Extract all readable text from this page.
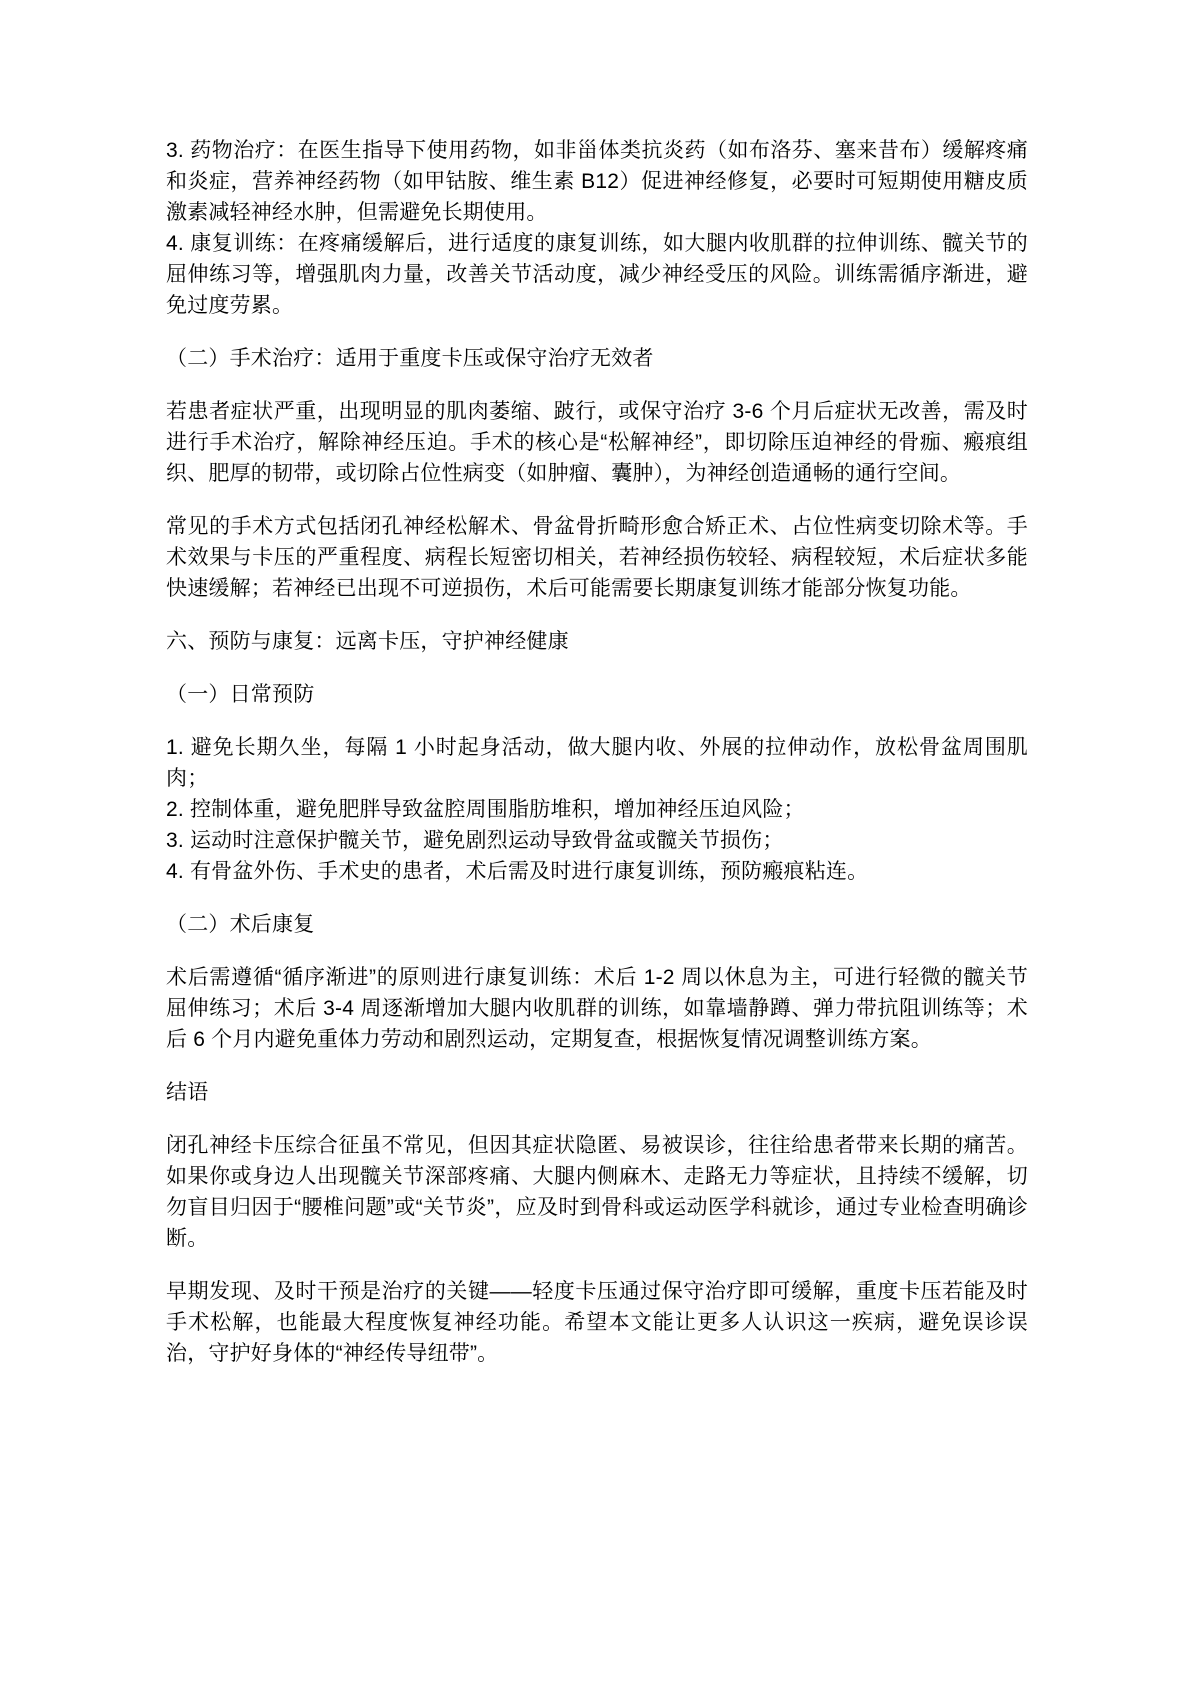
3. 药物治疗：在医生指导下使用药物，如非甾体类抗炎药（如布洛芬、塞来昔布）缓解疼痛和炎症，营养神经药物（如甲钴胺、维生素 B12）促进神经修复，必要时可短期使用糖皮质激素减轻神经水肿，但需避免长期使用。

4. 康复训练：在疼痛缓解后，进行适度的康复训练，如大腿内收肌群的拉伸训练、髋关节的屈伸练习等，增强肌肉力量，改善关节活动度，减少神经受压的风险。训练需循序渐进，避免过度劳累。

（二）手术治疗：适用于重度卡压或保守治疗无效者

若患者症状严重，出现明显的肌肉萎缩、跛行，或保守治疗 3-6 个月后症状无改善，需及时进行手术治疗，解除神经压迫。手术的核心是“松解神经”，即切除压迫神经的骨痂、瘢痕组织、肥厚的韧带，或切除占位性病变（如肿瘤、囊肿），为神经创造通畅的通行空间。

常见的手术方式包括闭孔神经松解术、骨盆骨折畸形愈合矫正术、占位性病变切除术等。手术效果与卡压的严重程度、病程长短密切相关，若神经损伤较轻、病程较短，术后症状多能快速缓解；若神经已出现不可逆损伤，术后可能需要长期康复训练才能部分恢复功能。

六、预防与康复：远离卡压，守护神经健康

（一）日常预防

1. 避免长期久坐，每隔 1 小时起身活动，做大腿内收、外展的拉伸动作，放松骨盆周围肌肉；

2. 控制体重，避免肥胖导致盆腔周围脂肪堆积，增加神经压迫风险；

3. 运动时注意保护髋关节，避免剧烈运动导致骨盆或髋关节损伤；

4. 有骨盆外伤、手术史的患者，术后需及时进行康复训练，预防瘢痕粘连。

（二）术后康复

术后需遵循“循序渐进”的原则进行康复训练：术后 1-2 周以休息为主，可进行轻微的髋关节屈伸练习；术后 3-4 周逐渐增加大腿内收肌群的训练，如靠墙静蹲、弹力带抗阻训练等；术后 6 个月内避免重体力劳动和剧烈运动，定期复查，根据恢复情况调整训练方案。

结语

闭孔神经卡压综合征虽不常见，但因其症状隐匿、易被误诊，往往给患者带来长期的痛苦。如果你或身边人出现髋关节深部疼痛、大腿内侧麻木、走路无力等症状，且持续不缓解，切勿盲目归因于“腰椎问题”或“关节炎”，应及时到骨科或运动医学科就诊，通过专业检查明确诊断。

早期发现、及时干预是治疗的关键——轻度卡压通过保守治疗即可缓解，重度卡压若能及时手术松解，也能最大程度恢复神经功能。希望本文能让更多人认识这一疾病，避免误诊误治，守护好身体的“神经传导纽带”。
